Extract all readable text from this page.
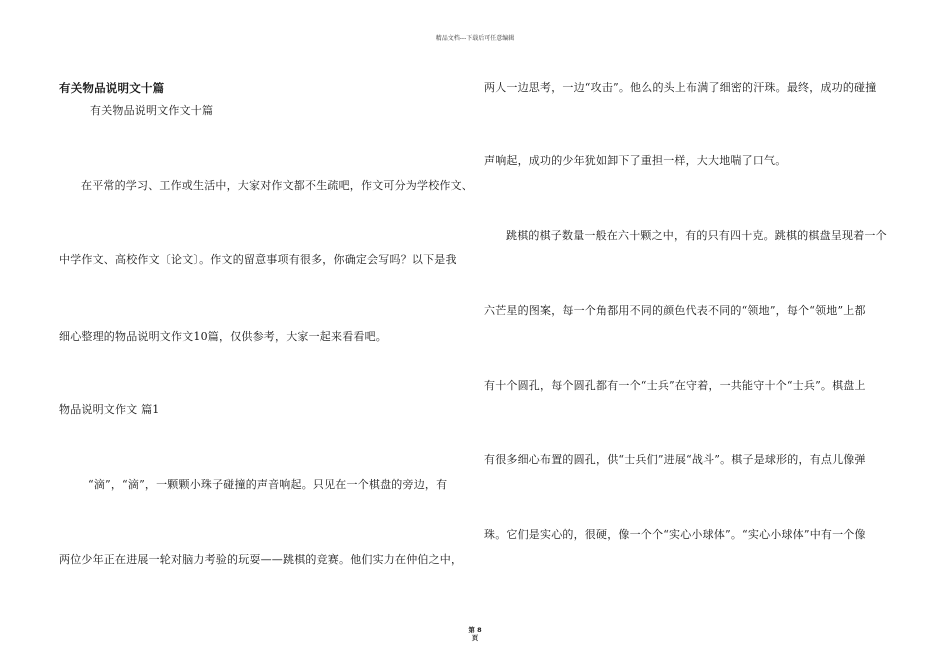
精品文档---下载后可任意编辑
有关物品说明文十篇
有关物品说明文作文十篇
在平常的学习、工作或生活中，大家对作文都不生疏吧，作文可分为学校作文、
中学作文、高校作文〔论文〕。作文的留意事项有很多，你确定会写吗？以下是我
细心整理的物品说明文作文10篇，仅供参考，大家一起来看看吧。
物品说明文作文 篇1
“滴”，“滴”，一颗颗小珠子碰撞的声音响起。只见在一个棋盘的旁边，有
两位少年正在进展一轮对脑力考验的玩耍——跳棋的竞赛。他们实力在仲伯之中，
两人一边思考，一边“攻击”。他么的头上布满了细密的汗珠。最终，成功的碰撞
声响起，成功的少年犹如卸下了重担一样，大大地喘了口气。
跳棋的棋子数量一般在六十颗之中，有的只有四十克。跳棋的棋盘呈现着一个
六芒星的图案，每一个角都用不同的颜色代表不同的“领地”，每个“领地”上都
有十个圆孔，每个圆孔都有一个“士兵”在守着，一共能守十个“士兵”。棋盘上
有很多细心布置的圆孔，供“士兵们”进展“战斗”。棋子是球形的，有点儿像弹
珠。它们是实心的，很硬，像一个个“实心小球体”。“实心小球体”中有一个像
第 8
页
